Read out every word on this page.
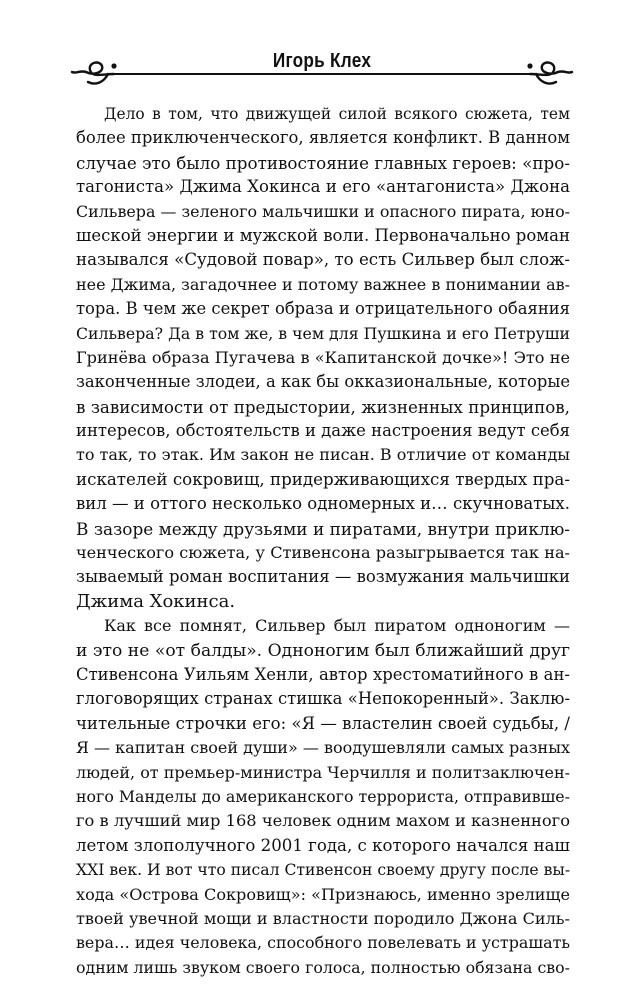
Игорь Клех
Дело в том, что движущей силой всякого сюжета, тем
более приключенческого, является конфликт. В данном
случае это было противостояние главных героев: «про-
тагониста» Джима Хокинса и его «антагониста» Джона
Сильвера — зеленого мальчишки и опасного пирата, юно-
шеской энергии и мужской воли. Первоначально роман
назывался «Судовой повар», то есть Сильвер был слож-
нее Джима, загадочнее и потому важнее в понимании ав-
тора. В чем же секрет образа и отрицательного обаяния
Сильвера? Да в том же, в чем для Пушкина и его Петруши
Гринёва образа Пугачева в «Капитанской дочке»! Это не
законченные злодеи, а как бы окказиональные, которые
в зависимости от предыстории, жизненных принципов,
интересов, обстоятельств и даже настроения ведут себя
то так, то этак. Им закон не писан. В отличие от команды
искателей сокровищ, придерживающихся твердых пра-
вил — и оттого несколько одномерных и… скучноватых.
В зазоре между друзьями и пиратами, внутри приклю-
ченческого сюжета, у Стивенсона разыгрывается так на-
зываемый роман воспитания — возмужания мальчишки
Джима Хокинса.
Как все помнят, Сильвер был пиратом одноногим —
и это не «от балды». Одноногим был ближайший друг
Стивенсона Уильям Хенли, автор хрестоматийного в ан-
глоговорящих странах стишка «Непокоренный». Заклю-
чительные строчки его: «Я — властелин своей судьбы, /
Я — капитан своей души» — воодушевляли самых разных
людей, от премьер-министра Черчилля и политзаключен-
ного Манделы до американского террориста, отправивше-
го в лучший мир 168 человек одним махом и казненного
летом злополучного 2001 года, с которого начался наш
XXI век. И вот что писал Стивенсон своему другу после вы-
хода «Острова Сокровищ»: «Признаюсь, именно зрелище
твоей увечной мощи и властности породило Джона Силь-
вера… идея человека, способного повелевать и устрашать
одним лишь звуком своего голоса, полностью обязана сво-
